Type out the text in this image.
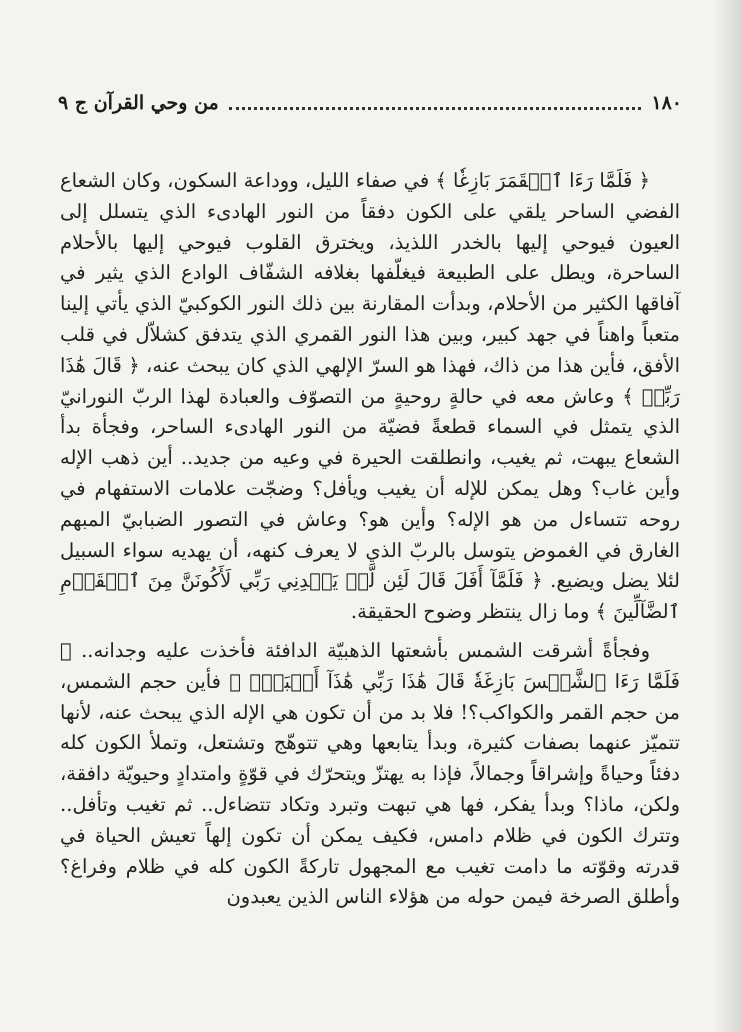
١٨٠
من وحي القرآن ج ٩

﴿ فَلَمَّا رَءَا ٱلۡقَمَرَ بَازِغٗا ﴾ في صفاء الليل، ووداعة السكون، وكان الشعاع الفضي الساحر يلقي على الكون دفقاً من النور الهادىء الذي يتسلل إلى العيون فيوحي إليها بالخدر اللذيذ، ويخترق القلوب فيوحي إليها بالأحلام الساحرة، ويطل على الطبيعة فيغلّفها بغلافه الشفّاف الوادع الذي يثير في آفاقها الكثير من الأحلام، وبدأت المقارنة بين ذلك النور الكوكبيّ الذي يأتي إلينا متعباً واهناً في جهد كبير، وبين هذا النور القمري الذي يتدفق كشلاّل في قلب الأفق، فأين هذا من ذاك، فهذا هو السرّ الإلهي الذي كان يبحث عنه، ﴿ قَالَ هَٰذَا رَبِّيۖ ﴾ وعاش معه في حالةٍ روحيةٍ من التصوّف والعبادة لهذا الربّ النورانيّ الذي يتمثل في السماء قطعةً فضيّة من النور الهادىء الساحر، وفجأة بدأ الشعاع يبهت، ثم يغيب، وانطلقت الحيرة في وعيه من جديد.. أين ذهب الإله وأين غاب؟ وهل يمكن للإله أن يغيب ويأفل؟ وضجّت علامات الاستفهام في روحه تتساءل من هو الإله؟ وأين هو؟ وعاش في التصور الضبابيّ المبهم الغارق في الغموض يتوسل بالربّ الذي لا يعرف كنهه، أن يهديه سواء السبيل لئلا يضل ويضيع. ﴿ فَلَمَّآ أَفَلَ قَالَ لَئِن لَّمۡ يَهۡدِنِي رَبِّي لَأَكُونَنَّ مِنَ ٱلۡقَوۡمِ ٱلضَّآلِّينَ ﴾ وما زال ينتظر وضوح الحقيقة.

وفجأةً أشرقت الشمس بأشعتها الذهبيّة الدافئة فأخذت عليه وجدانه.. ﴿ فَلَمَّا رَءَا ٱلشَّمۡسَ بَازِغَةٗ قَالَ هَٰذَا رَبِّي هَٰذَآ أَكۡبَرُۖ ﴾ فأين حجم الشمس، من حجم القمر والكواكب؟! فلا بد من أن تكون هي الإله الذي يبحث عنه، لأنها تتميّز عنهما بصفات كثيرة، وبدأ يتابعها وهي تتوهّج وتشتعل، وتملأ الكون كله دفئاً وحياةً وإشراقاً وجمالاً، فإذا به يهتزّ ويتحرّك في قوّةٍ وامتدادٍ وحيويّة دافقة، ولكن، ماذا؟ وبدأ يفكر، فها هي تبهت وتبرد وتكاد تتضاءل.. ثم تغيب وتأفل.. وتترك الكون في ظلام دامس، فكيف يمكن أن تكون إلهاً تعيش الحياة في قدرته وقوّته ما دامت تغيب مع المجهول تاركةً الكون كله في ظلام وفراغ؟ وأطلق الصرخة فيمن حوله من هؤلاء الناس الذين يعبدون
